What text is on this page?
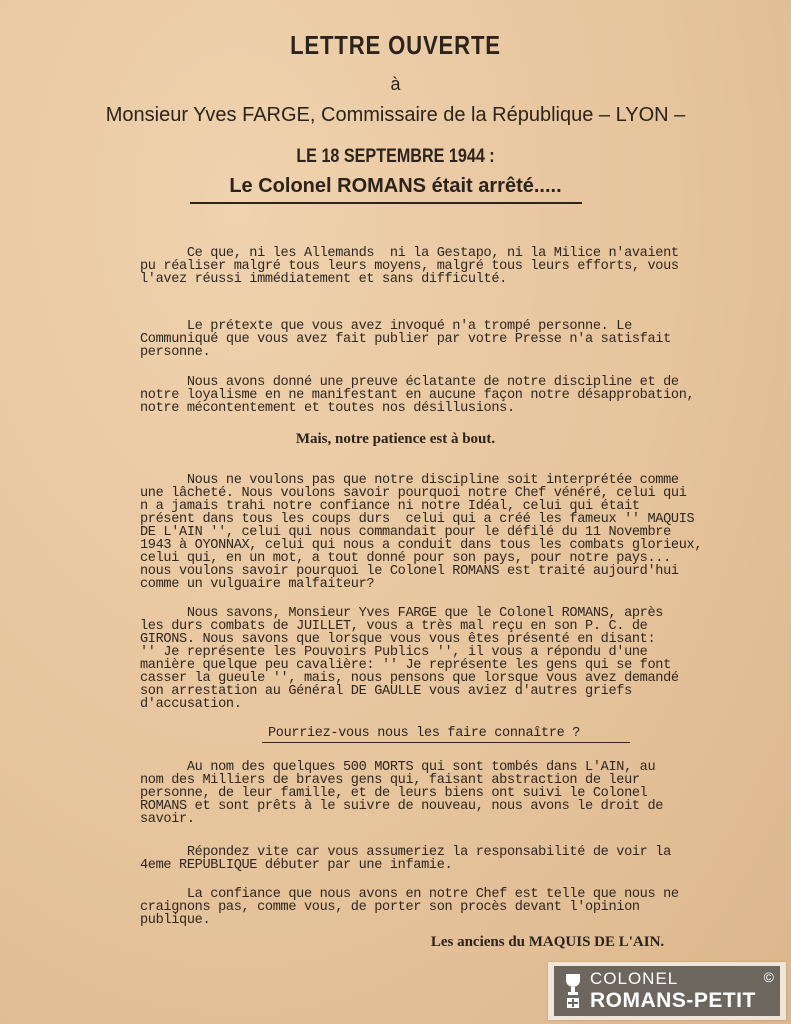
LETTRE OUVERTE
à
Monsieur Yves FARGE, Commissaire de la République – LYON –
LE 18 SEPTEMBRE 1944 :
Le Colonel ROMANS était arrêté.....
Ce que, ni les Allemands  ni la Gestapo, ni la Milice n'avaient
pu réaliser malgré tous leurs moyens, malgré tous leurs efforts, vous
l'avez réussi immédiatement et sans difficulté.
Le prétexte que vous avez invoqué n'a trompé personne. Le
Communiqué que vous avez fait publier par votre Presse n'a satisfait
personne.
Nous avons donné une preuve éclatante de notre discipline et de
notre loyalisme en ne manifestant en aucune façon notre désapprobation,
notre mécontentement et toutes nos désillusions.
Mais, notre patience est à bout.
Nous ne voulons pas que notre discipline soit interprétée comme
une lâcheté. Nous voulons savoir pourquoi notre Chef vénéré, celui qui
n a jamais trahi notre confiance ni notre Idéal, celui qui était
présent dans tous les coups durs  celui qui a créé les fameux '' MAQUIS
DE L'AIN '', celui qui nous commandait pour le défilé du 11 Novembre
1943 à OYONNAX, celui qui nous a conduit dans tous les combats glorieux,
celui qui, en un mot, a tout donné pour son pays, pour notre pays...
nous voulons savoir pourquoi le Colonel ROMANS est traité aujourd'hui
comme un vulguaire malfaiteur?
Nous savons, Monsieur Yves FARGE que le Colonel ROMANS, après
les durs combats de JUILLET, vous a très mal reçu en son P. C. de
GIRONS. Nous savons que lorsque vous vous êtes présenté en disant:
'' Je représente les Pouvoirs Publics '', il vous a répondu d'une
manière quelque peu cavalière: '' Je représente les gens qui se font
casser la gueule '', mais, nous pensons que lorsque vous avez demandé
son arrestation au Général DE GAULLE vous aviez d'autres griefs
d'accusation.
Pourriez-vous nous les faire connaître ?
Au nom des quelques 500 MORTS qui sont tombés dans L'AIN, au
nom des Milliers de braves gens qui, faisant abstraction de leur
personne, de leur famille, et de leurs biens ont suivi le Colonel
ROMANS et sont prêts à le suivre de nouveau, nous avons le droit de
savoir.
Répondez vite car vous assumeriez la responsabilité de voir la
4eme REPUBLIQUE débuter par une infamie.
La confiance que nous avons en notre Chef est telle que nous ne
craignons pas, comme vous, de porter son procès devant l'opinion
publique.
Les anciens du MAQUIS DE L'AIN.
COLONEL
ROMANS-PETIT
©
